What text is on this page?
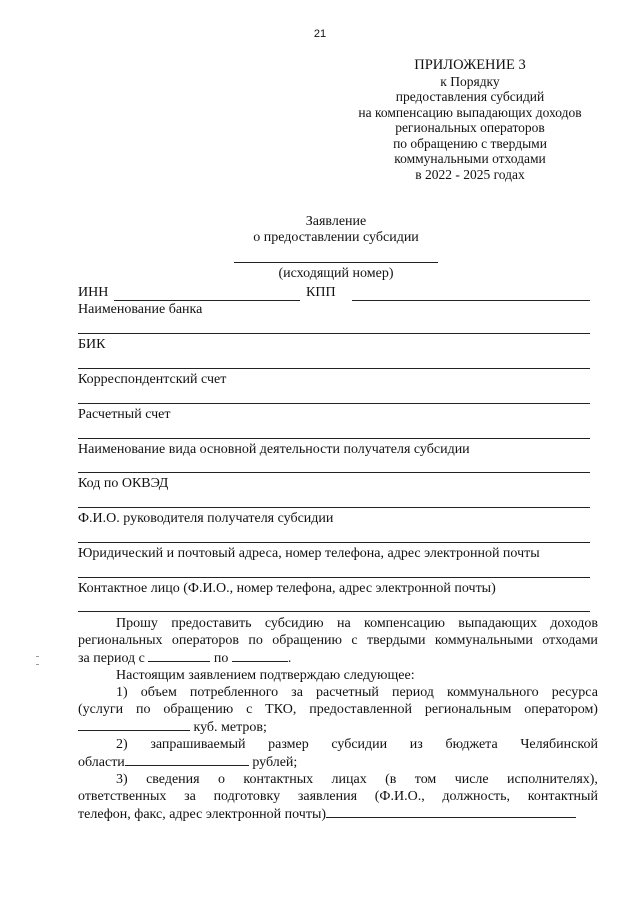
21
ПРИЛОЖЕНИЕ 3
к Порядку
предоставления субсидий
на компенсацию выпадающих доходов
региональных операторов
по обращению с твердыми
коммунальными отходами
в 2022 - 2025 годах
Заявление
о предоставлении субсидии
(исходящий номер)
ИНН	КПП
Наименование банка
БИК
Корреспондентский счет
Расчетный счет
Наименование вида основной деятельности получателя субсидии
Код по ОКВЭД
Ф.И.О. руководителя получателя субсидии
Юридический и почтовый адреса, номер телефона, адрес электронной почты
Контактное лицо (Ф.И.О., номер телефона, адрес электронной почты)
Прошу предоставить субсидию на компенсацию выпадающих доходов
региональных операторов по обращению с твердыми коммунальными отходами
за период с	по	.
Настоящим заявлением подтверждаю следующее:
1) объем потребленного за расчетный период коммунального ресурса
(услуги по обращению с ТКО, предоставленной региональным оператором)
куб. метров;
2) запрашиваемый размер субсидии из бюджета Челябинской
области	рублей;
3) сведения о контактных лицах (в том числе исполнителях),
ответственных за подготовку заявления (Ф.И.О., должность, контактный
телефон, факс, адрес электронной почты)
